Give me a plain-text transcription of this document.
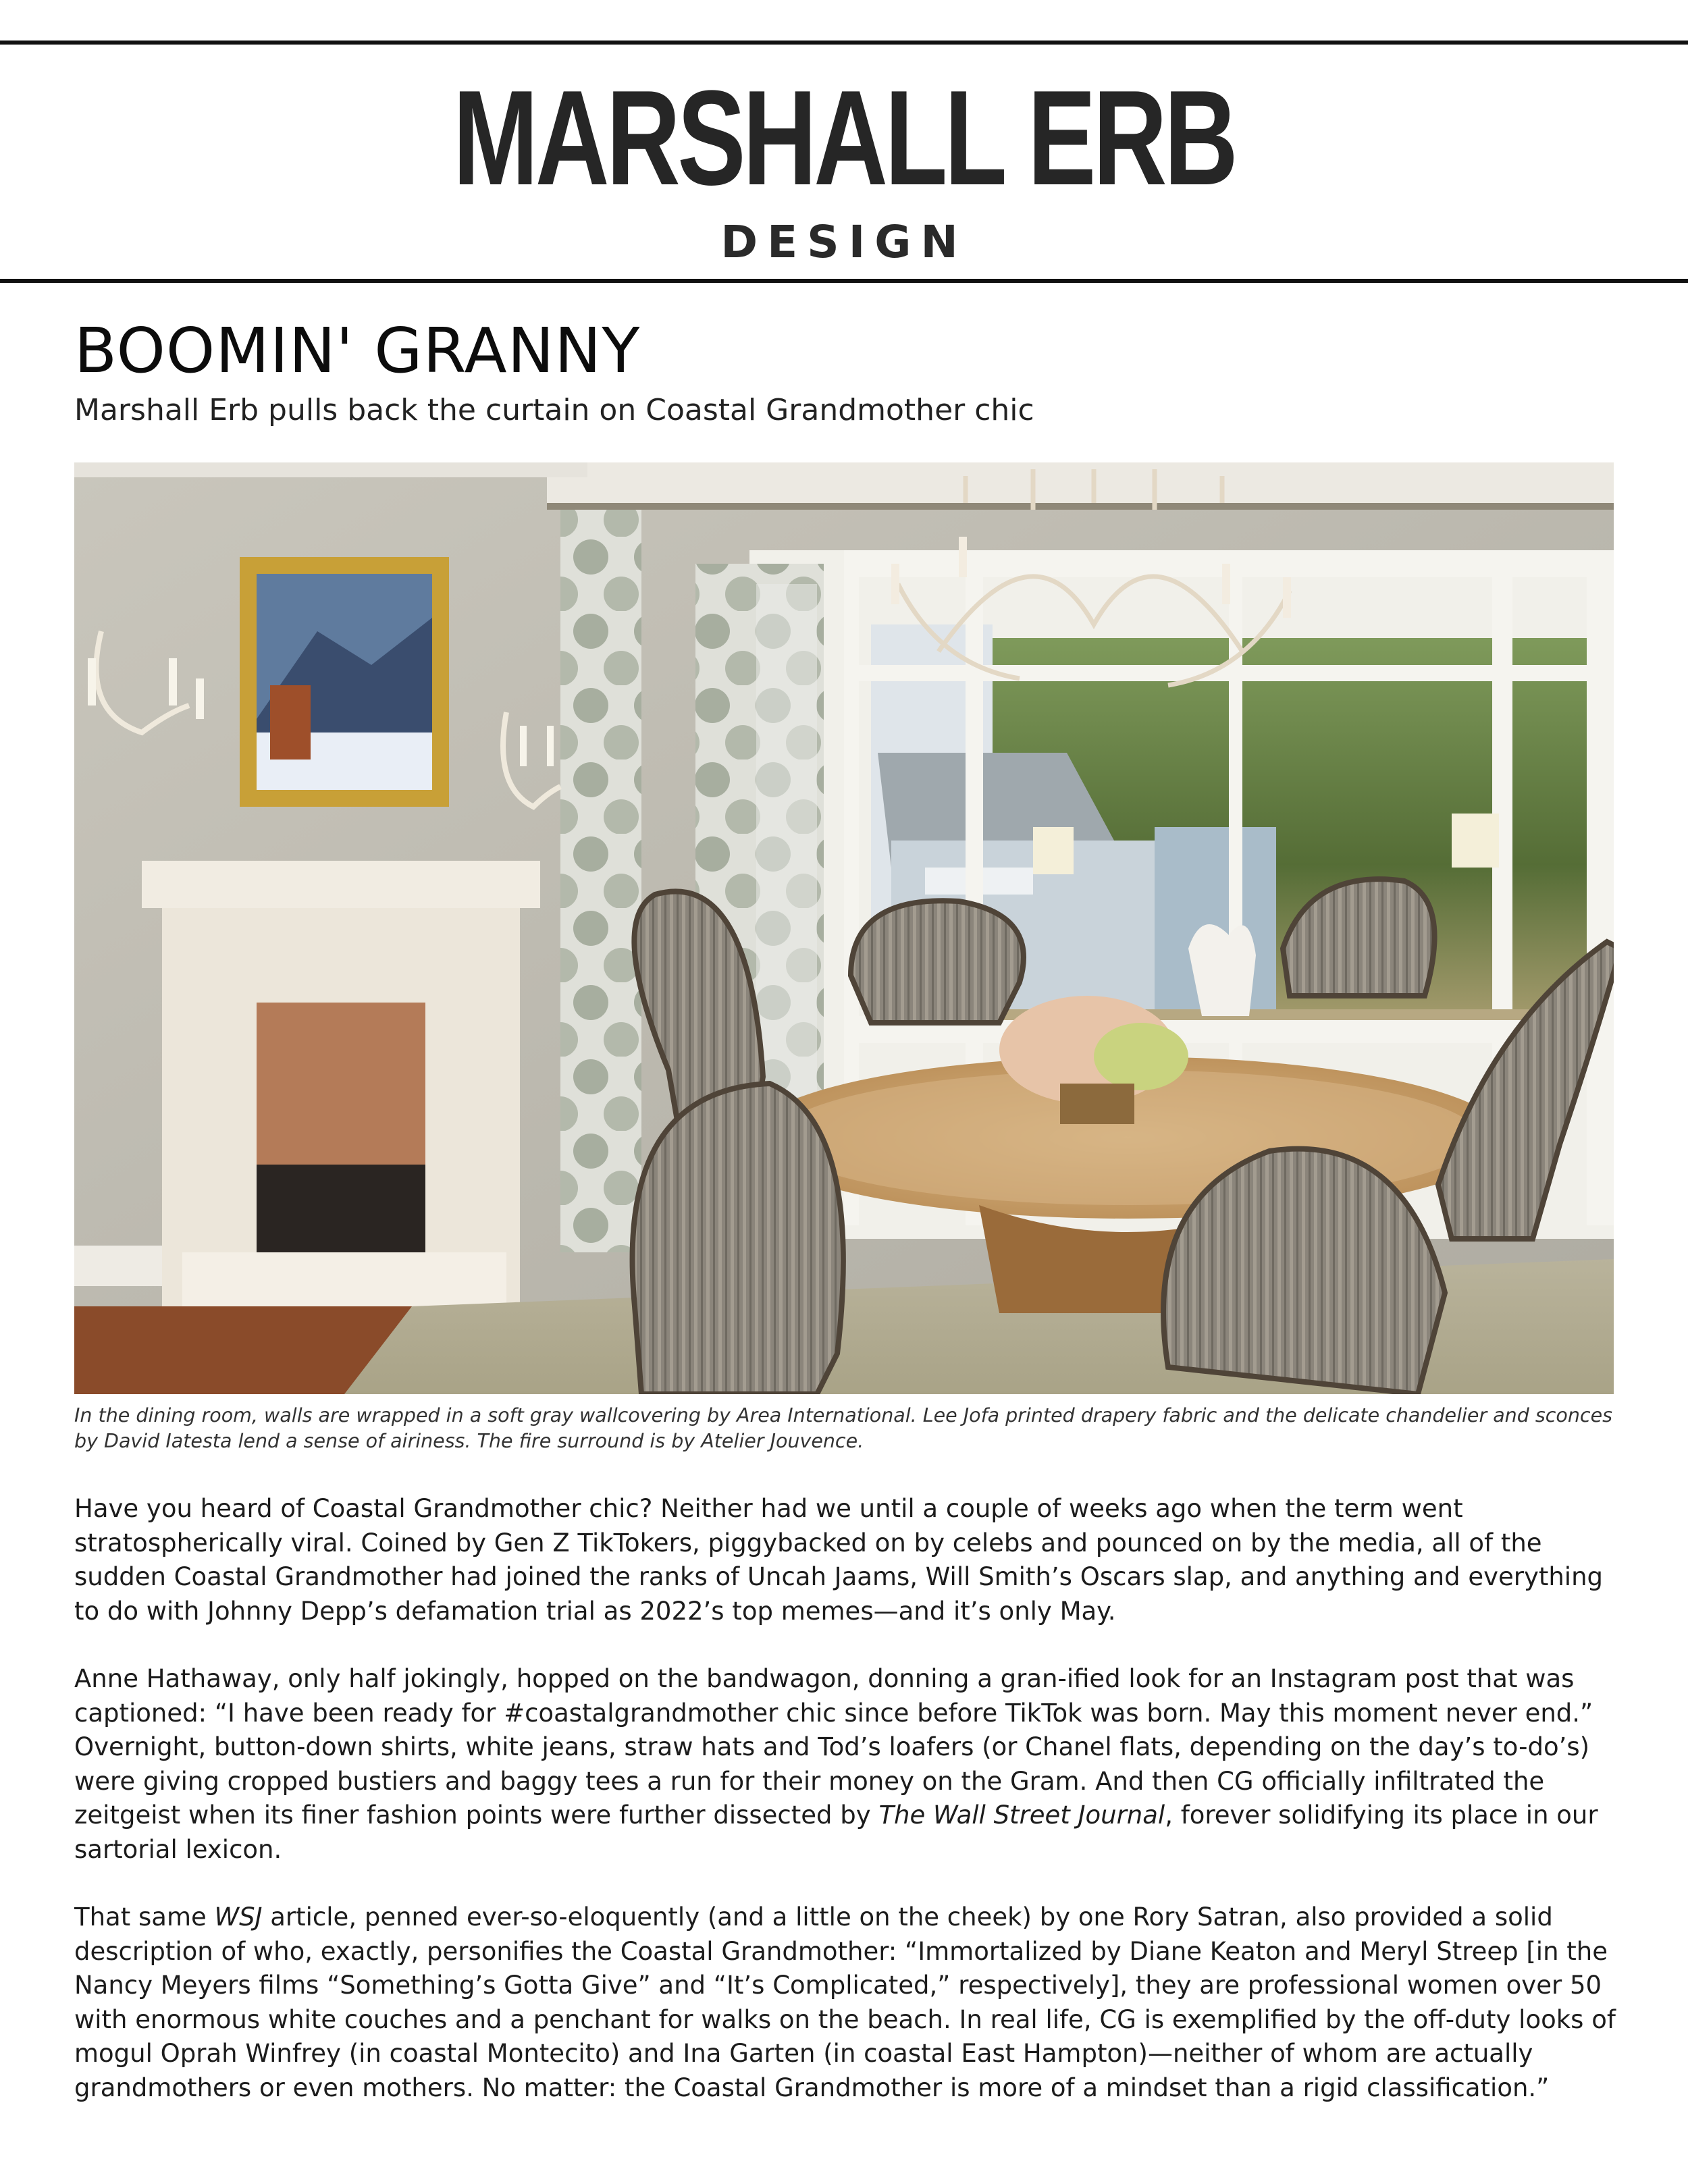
MARSHALL ERB
DESIGN
BOOMIN' GRANNY
Marshall Erb pulls back the curtain on Coastal Grandmother chic
In the dining room, walls are wrapped in a soft gray wallcovering by Area International. Lee Jofa printed drapery fabric and the delicate chandelier and sconces by David Iatesta lend a sense of airiness. The fire surround is by Atelier Jouvence.

Have you heard of Coastal Grandmother chic? Neither had we until a couple of weeks ago when the term went stratospherically viral. Coined by Gen Z TikTokers, piggybacked on by celebs and pounced on by the media, all of the sudden Coastal Grandmother had joined the ranks of Uncah Jaams, Will Smith’s Oscars slap, and anything and everything to do with Johnny Depp’s defamation trial as 2022’s top memes—and it’s only May.

Anne Hathaway, only half jokingly, hopped on the bandwagon, donning a gran-ified look for an Instagram post that was captioned: “I have been ready for #coastalgrandmother chic since before TikTok was born. May this moment never end.” Overnight, button-down shirts, white jeans, straw hats and Tod’s loafers (or Chanel flats, depending on the day’s to-do’s) were giving cropped bustiers and baggy tees a run for their money on the Gram. And then CG officially infiltrated the zeitgeist when its finer fashion points were further dissected by The Wall Street Journal, forever solidifying its place in our sartorial lexicon.

That same WSJ article, penned ever-so-eloquently (and a little on the cheek) by one Rory Satran, also provided a solid description of who, exactly, personifies the Coastal Grandmother: “Immortalized by Diane Keaton and Meryl Streep [in the Nancy Meyers films “Something’s Gotta Give” and “It’s Complicated,” respectively], they are professional women over 50 with enormous white couches and a penchant for walks on the beach. In real life, CG is exemplified by the off-duty looks of mogul Oprah Winfrey (in coastal Montecito) and Ina Garten (in coastal East Hampton)—neither of whom are actually grandmothers or even mothers. No matter: the Coastal Grandmother is more of a mindset than a rigid classification.”
